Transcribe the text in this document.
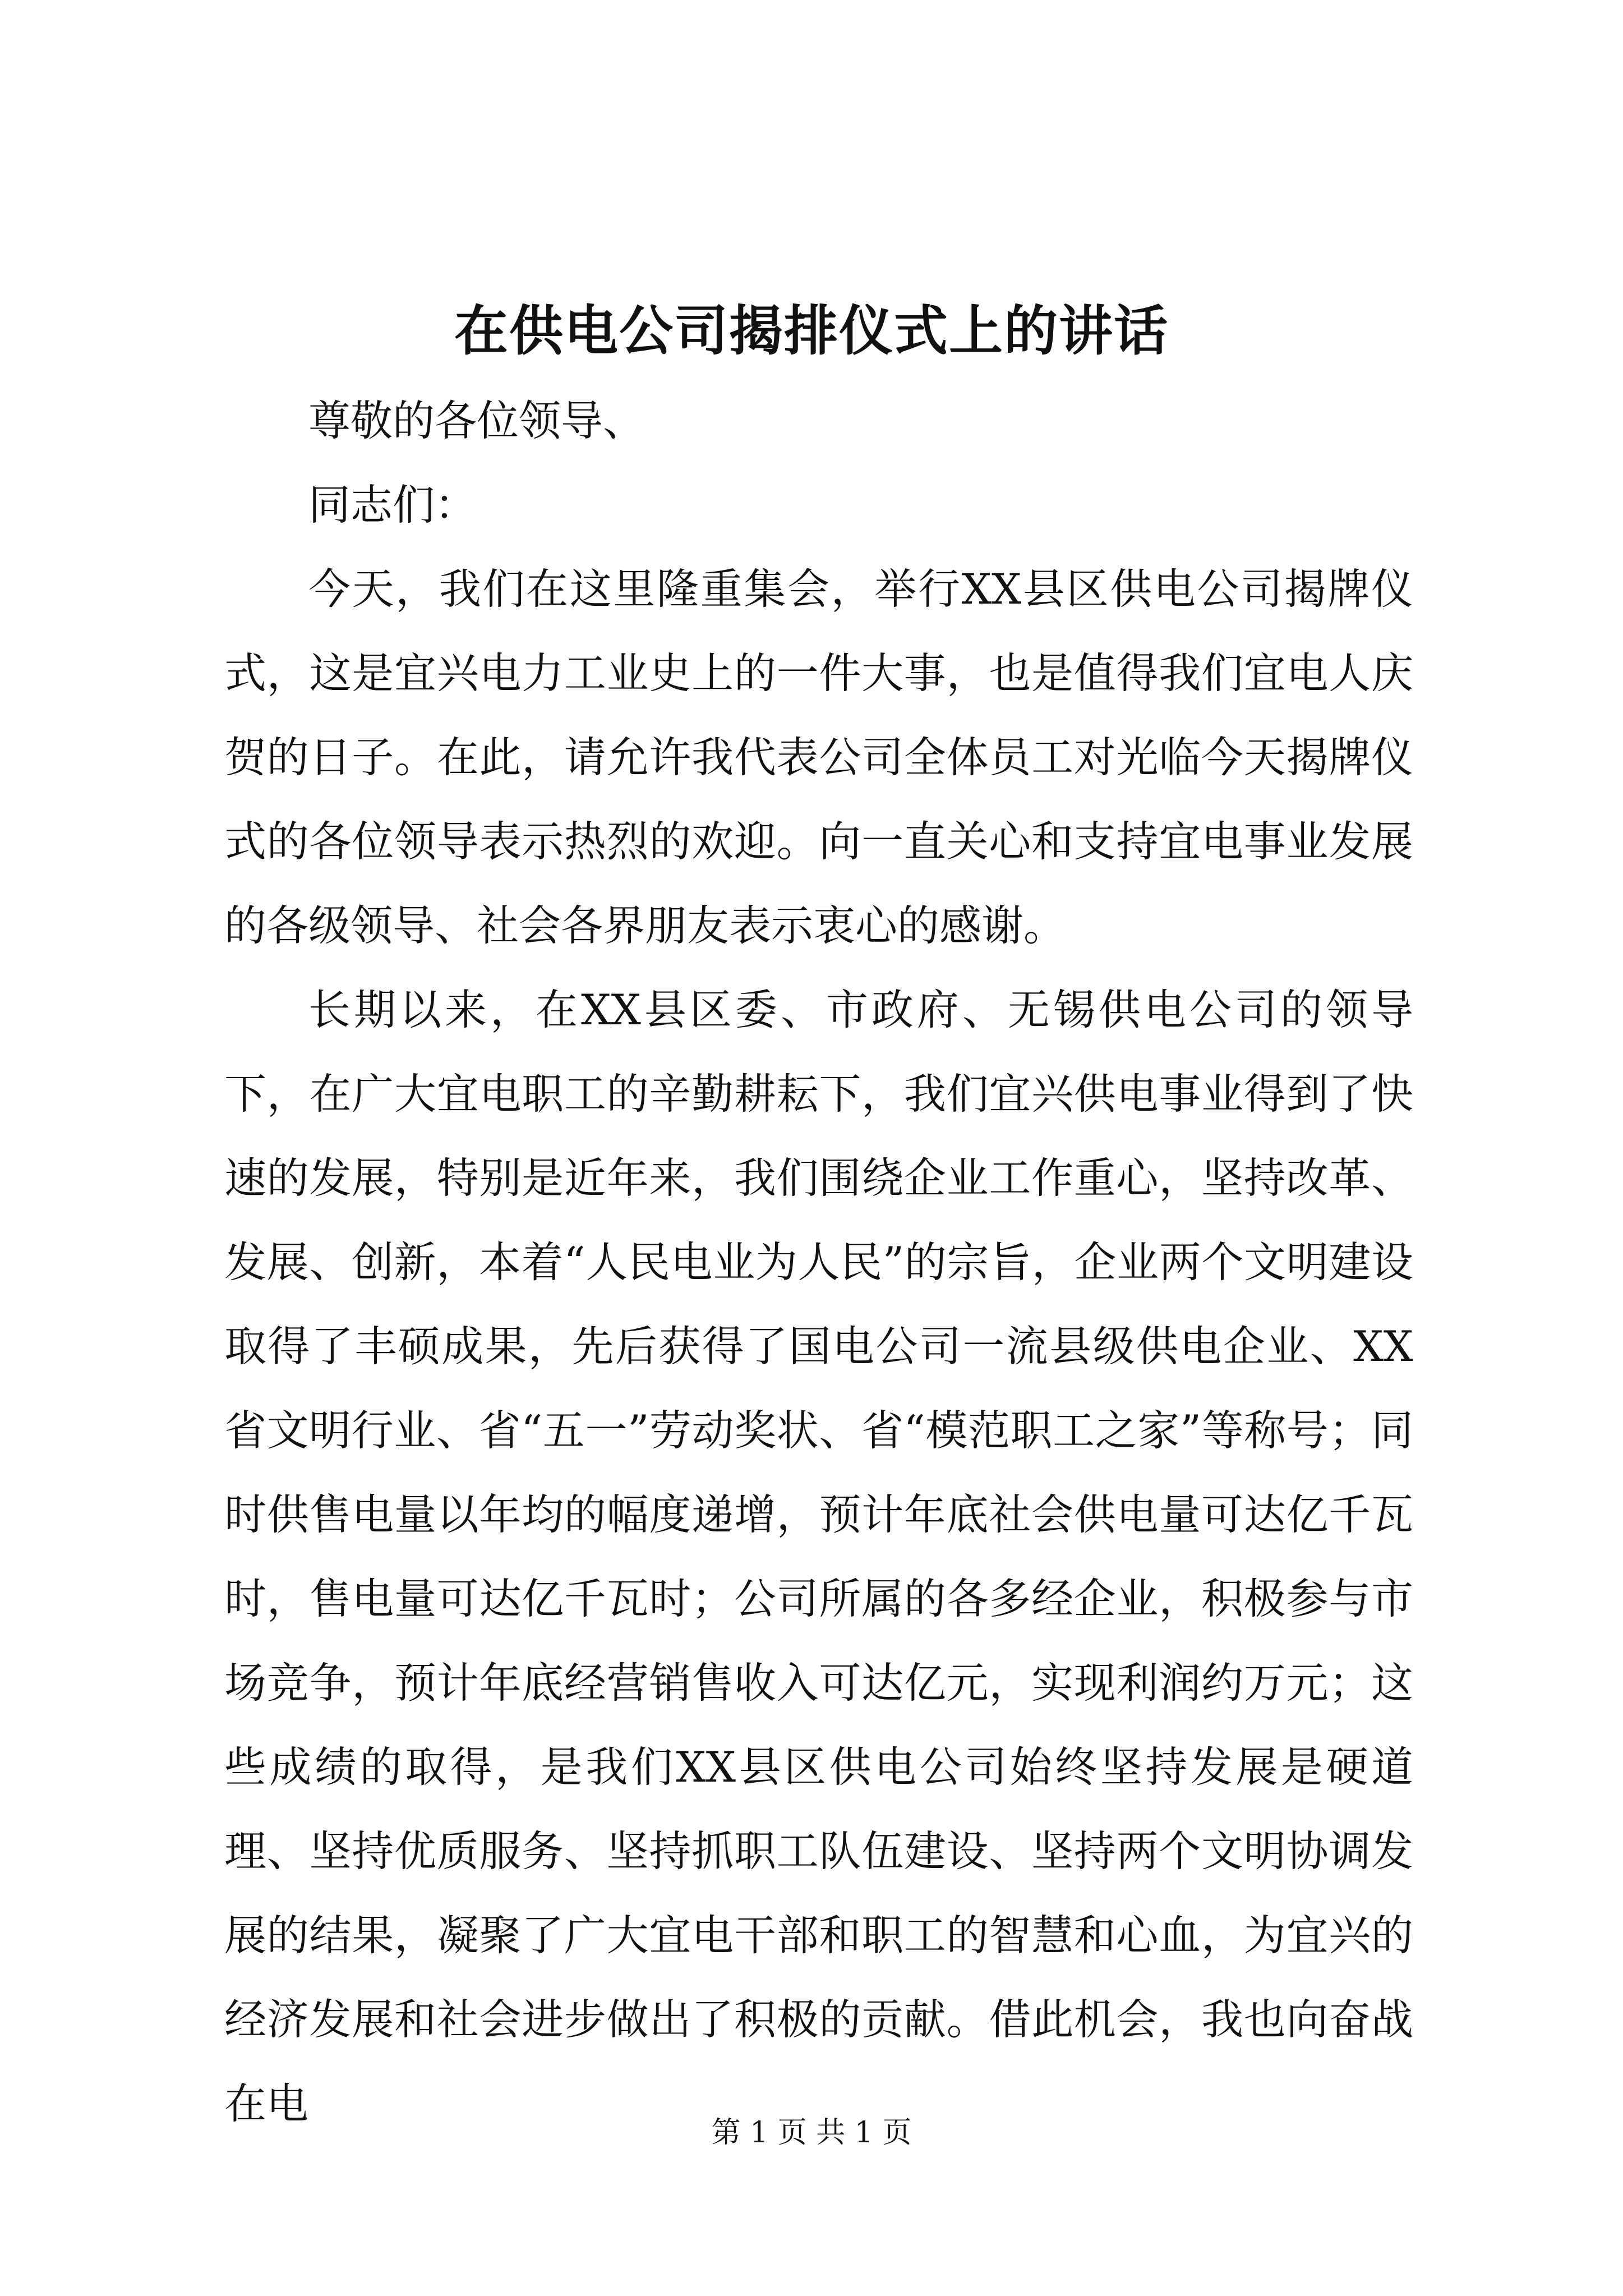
在供电公司揭排仪式上的讲话

尊敬的各位领导、

同志们：

今天，我们在这里隆重集会，举行XX县区供电公司揭牌仪式，这是宜兴电力工业史上的一件大事，也是值得我们宜电人庆贺的日子。在此，请允许我代表公司全体员工对光临今天揭牌仪式的各位领导表示热烈的欢迎。向一直关心和支持宜电事业发展的各级领导、社会各界朋友表示衷心的感谢。

长期以来，在XX县区委、市政府、无锡供电公司的领导下，在广大宜电职工的辛勤耕耘下，我们宜兴供电事业得到了快速的发展，特别是近年来，我们围绕企业工作重心，坚持改革、发展、创新，本着“人民电业为人民”的宗旨，企业两个文明建设取得了丰硕成果，先后获得了国电公司一流县级供电企业、XX省文明行业、省“五一”劳动奖状、省“模范职工之家”等称号；同时供售电量以年均的幅度递增，预计年底社会供电量可达亿千瓦时，售电量可达亿千瓦时；公司所属的各多经企业，积极参与市场竞争，预计年底经营销售收入可达亿元，实现利润约万元；这些成绩的取得，是我们XX县区供电公司始终坚持发展是硬道理、坚持优质服务、坚持抓职工队伍建设、坚持两个文明协调发展的结果，凝聚了广大宜电干部和职工的智慧和心血，为宜兴的经济发展和社会进步做出了积极的贡献。借此机会，我也向奋战在电

第 1 页 共 1 页
